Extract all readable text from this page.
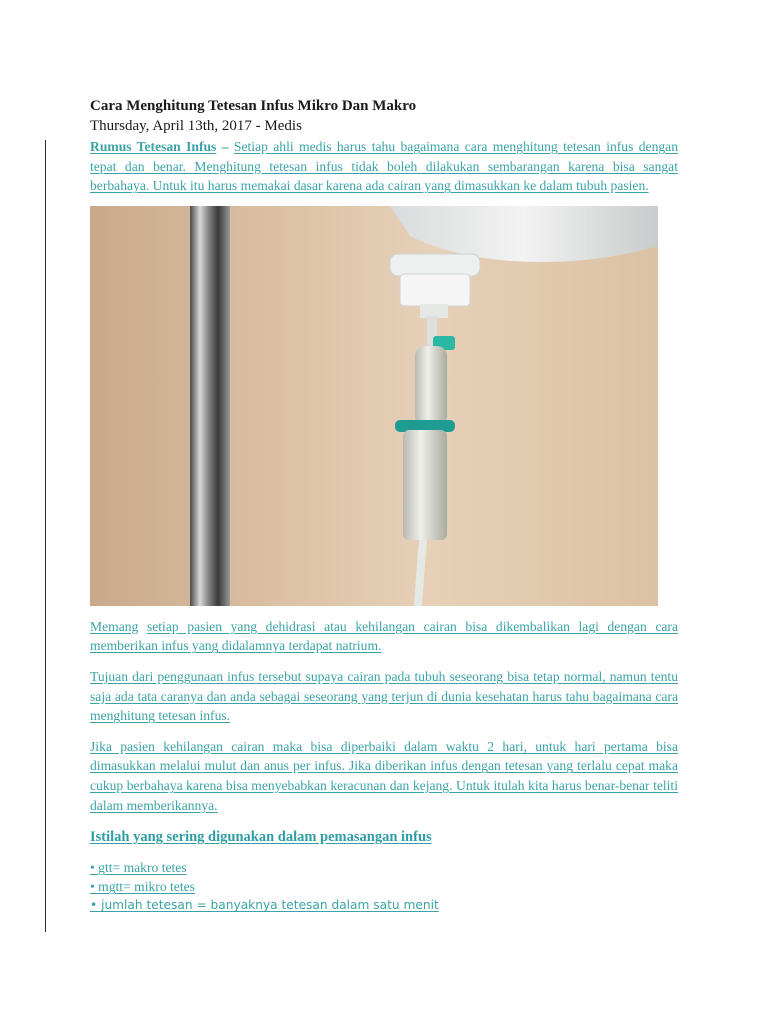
Cara Menghitung Tetesan Infus Mikro Dan Makro

Thursday, April 13th, 2017 - Medis

Rumus Tetesan Infus – Setiap ahli medis harus tahu bagaimana cara menghitung tetesan infus dengan tepat dan benar. Menghitung tetesan infus tidak boleh dilakukan sembarangan karena bisa sangat berbahaya. Untuk itu harus memakai dasar karena ada cairan yang dimasukkan ke dalam tubuh pasien.

Memang setiap pasien yang dehidrasi atau kehilangan cairan bisa dikembalikan lagi dengan cara memberikan infus yang didalamnya terdapat natrium.

Tujuan dari penggunaan infus tersebut supaya cairan pada tubuh seseorang bisa tetap normal, namun tentu saja ada tata caranya dan anda sebagai seseorang yang terjun di dunia kesehatan harus tahu bagaimana cara menghitung tetesan infus.

Jika pasien kehilangan cairan maka bisa diperbaiki dalam waktu 2 hari, untuk hari pertama bisa dimasukkan melalui mulut dan anus per infus. Jika diberikan infus dengan tetesan yang terlalu cepat maka cukup berbahaya karena bisa menyebabkan keracunan dan kejang. Untuk itulah kita harus benar-benar teliti dalam memberikannya.

Istilah yang sering digunakan dalam pemasangan infus
• gtt= makro tetes
• mgtt= mikro tetes
• jumlah tetesan = banyaknya tetesan dalam satu menit
